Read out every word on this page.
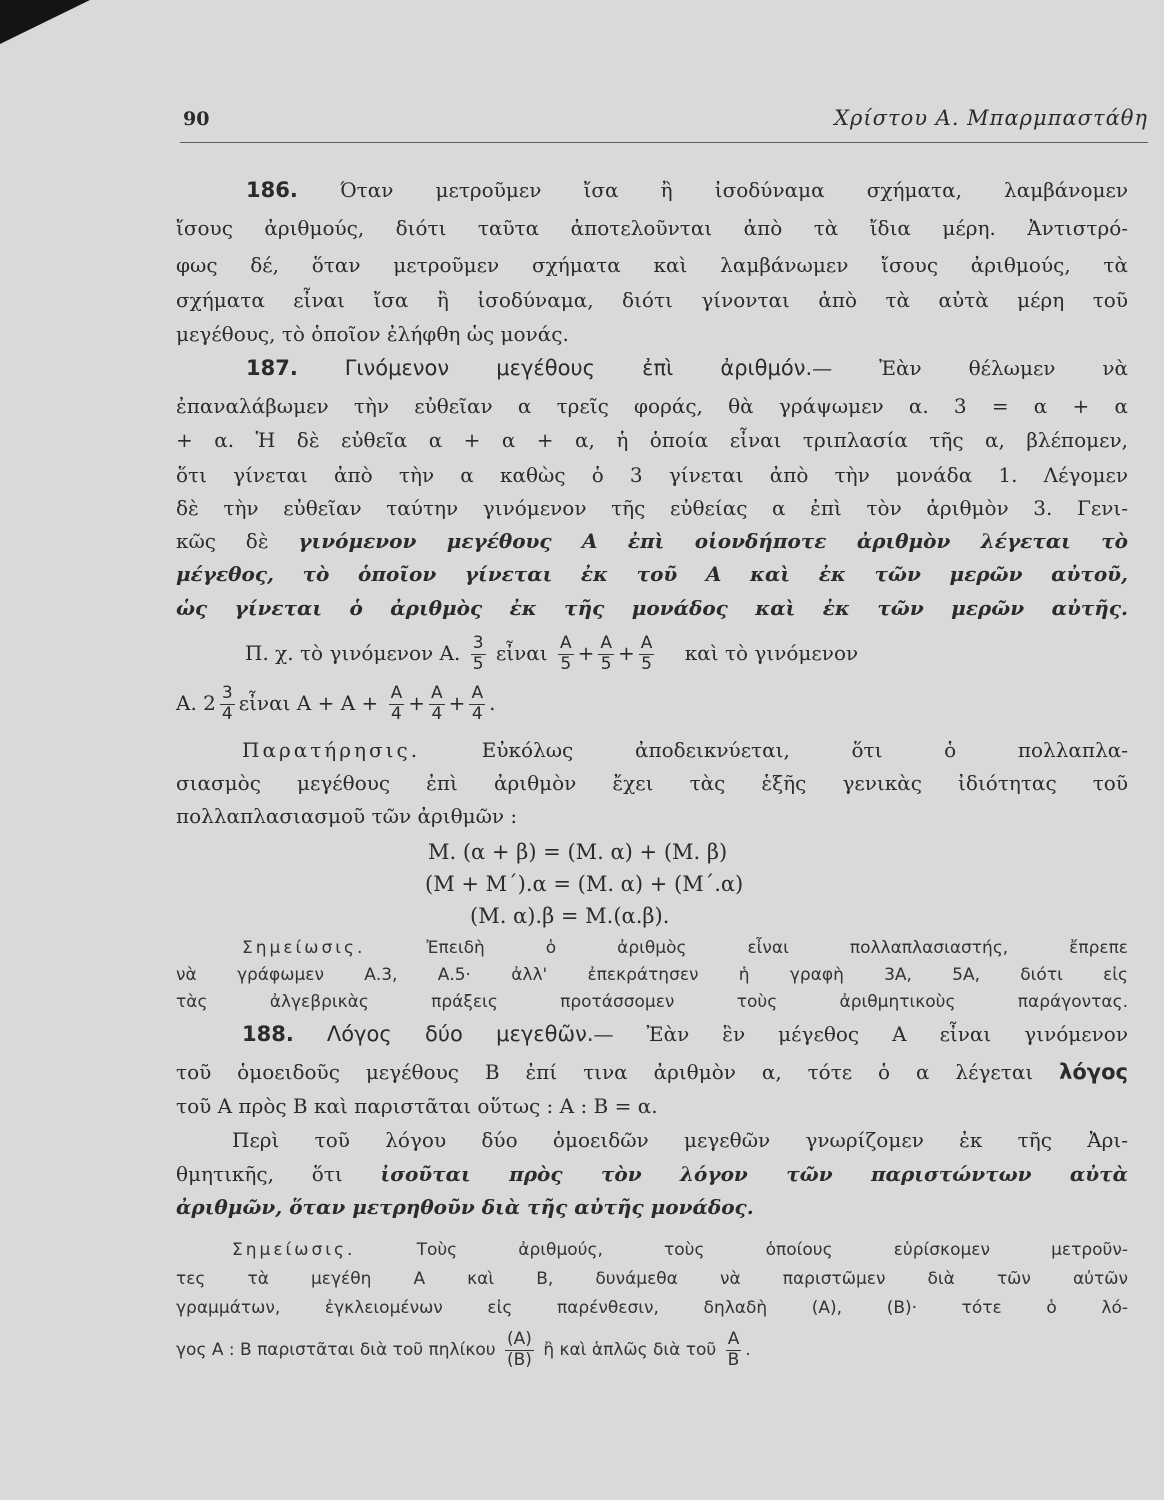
90	Χρίστου Α. Μπαρμπαστάθη
186. Όταν μετροῦμεν ἴσα ἢ ἰσοδύναμα σχήματα, λαμβάνομεν
ἴσους ἀριθμούς, διότι ταῦτα ἀποτελοῦνται ἀπὸ τὰ ἴδια μέρη. Ἀντιστρό-
φως δέ, ὅταν μετροῦμεν σχήματα καὶ λαμβάνωμεν ἴσους ἀριθμούς, τὰ
σχήματα εἶναι ἴσα ἢ ἰσοδύναμα, διότι γίνονται ἀπὸ τὰ αὐτὰ μέρη τοῦ
μεγέθους, τὸ ὁποῖον ἐλήφθη ὡς μονάς.
187. Γινόμενον μεγέθους ἐπὶ ἀριθμόν.— Ἐὰν θέλωμεν νὰ
ἐπαναλάβωμεν τὴν εὐθεῖαν α τρεῖς φοράς, θὰ γράψωμεν α. 3 = α + α
+ α. Ἡ δὲ εὐθεῖα α + α + α, ἡ ὁποία εἶναι τριπλασία τῆς α, βλέπομεν,
ὅτι γίνεται ἀπὸ τὴν α καθὼς ὁ 3 γίνεται ἀπὸ τὴν μονάδα 1. Λέγομεν
δὲ τὴν εὐθεῖαν ταύτην γινόμενον τῆς εὐθείας α ἐπὶ τὸν ἀριθμὸν 3. Γενι-
κῶς δὲ γινόμενον μεγέθους Α ἐπὶ οἱονδήποτε ἀριθμὸν λέγεται τὸ
μέγεθος, τὸ ὁποῖον γίνεται ἐκ τοῦ Α καὶ ἐκ τῶν μερῶν αὐτοῦ,
ὡς γίνεται ὁ ἀριθμὸς ἐκ τῆς μονάδος καὶ ἐκ τῶν μερῶν αὐτῆς.
Π. χ. τὸ γινόμενον Α. $\frac{3}{5}$ εἶναι $\frac{A}{5} + \frac{A}{5} + \frac{A}{5}$ καὶ τὸ γινόμενον
Α. $2 \frac{3}{4}$ εἶναι $A + A + \frac{A}{4} + \frac{A}{4} + \frac{A}{4}$ .
Παρατήρησις.	Εὐκόλως ἀποδεικνύεται, ὅτι ὁ πολλαπλα-
σιασμὸς μεγέθους ἐπὶ ἀριθμὸν ἔχει τὰς ἑξῆς γενικὰς ἰδιότητας τοῦ
πολλαπλασιασμοῦ τῶν ἀριθμῶν :
Μ. (α + β) = (Μ. α) + (Μ. β)
(Μ + Μ΄).α = (Μ. α) + (Μ΄.α)
(Μ. α).β = Μ.(α.β).
Σημείωσις.	Ἐπειδὴ ὁ ἀριθμὸς εἶναι πολλαπλασιαστής, ἔπρεπε
νὰ γράφωμεν Α.3, Α.5· ἀλλ' ἐπεκράτησεν ἡ γραφὴ 3Α, 5Α, διότι εἰς
τὰς ἀλγεβρικὰς πράξεις προτάσσομεν τοὺς ἀριθμητικοὺς παράγοντας.
188. Λόγος δύο μεγεθῶν.— Ἐὰν ἓν μέγεθος Α εἶναι γινόμενον
τοῦ ὁμοειδοῦς μεγέθους Β ἐπί τινα ἀριθμὸν α, τότε ὁ α λέγεται λόγος
τοῦ Α πρὸς Β καὶ παριστᾶται οὕτως : Α : Β = α.
Περὶ τοῦ λόγου δύο ὁμοειδῶν μεγεθῶν γνωρίζομεν ἐκ τῆς Ἀρι-
θμητικῆς, ὅτι ἰσοῦται πρὸς τὸν λόγον τῶν παριστώντων αὐτὰ
ἀριθμῶν, ὅταν μετρηθοῦν διὰ τῆς αὐτῆς μονάδος.
Σημείωσις.	Τοὺς ἀριθμούς, τοὺς ὁποίους εὑρίσκομεν μετροῦν-
τες τὰ μεγέθη Α καὶ Β, δυνάμεθα νὰ παριστῶμεν διὰ τῶν αὐτῶν
γραμμάτων, ἐγκλειομένων εἰς παρένθεσιν, δηλαδὴ (Α), (Β)· τότε ὁ λό-
γος Α : Β παριστᾶται διὰ τοῦ πηλίκου $\frac{(A)}{(B)}$ ἢ καὶ ἁπλῶς διὰ τοῦ $\frac{A}{B}$ .
